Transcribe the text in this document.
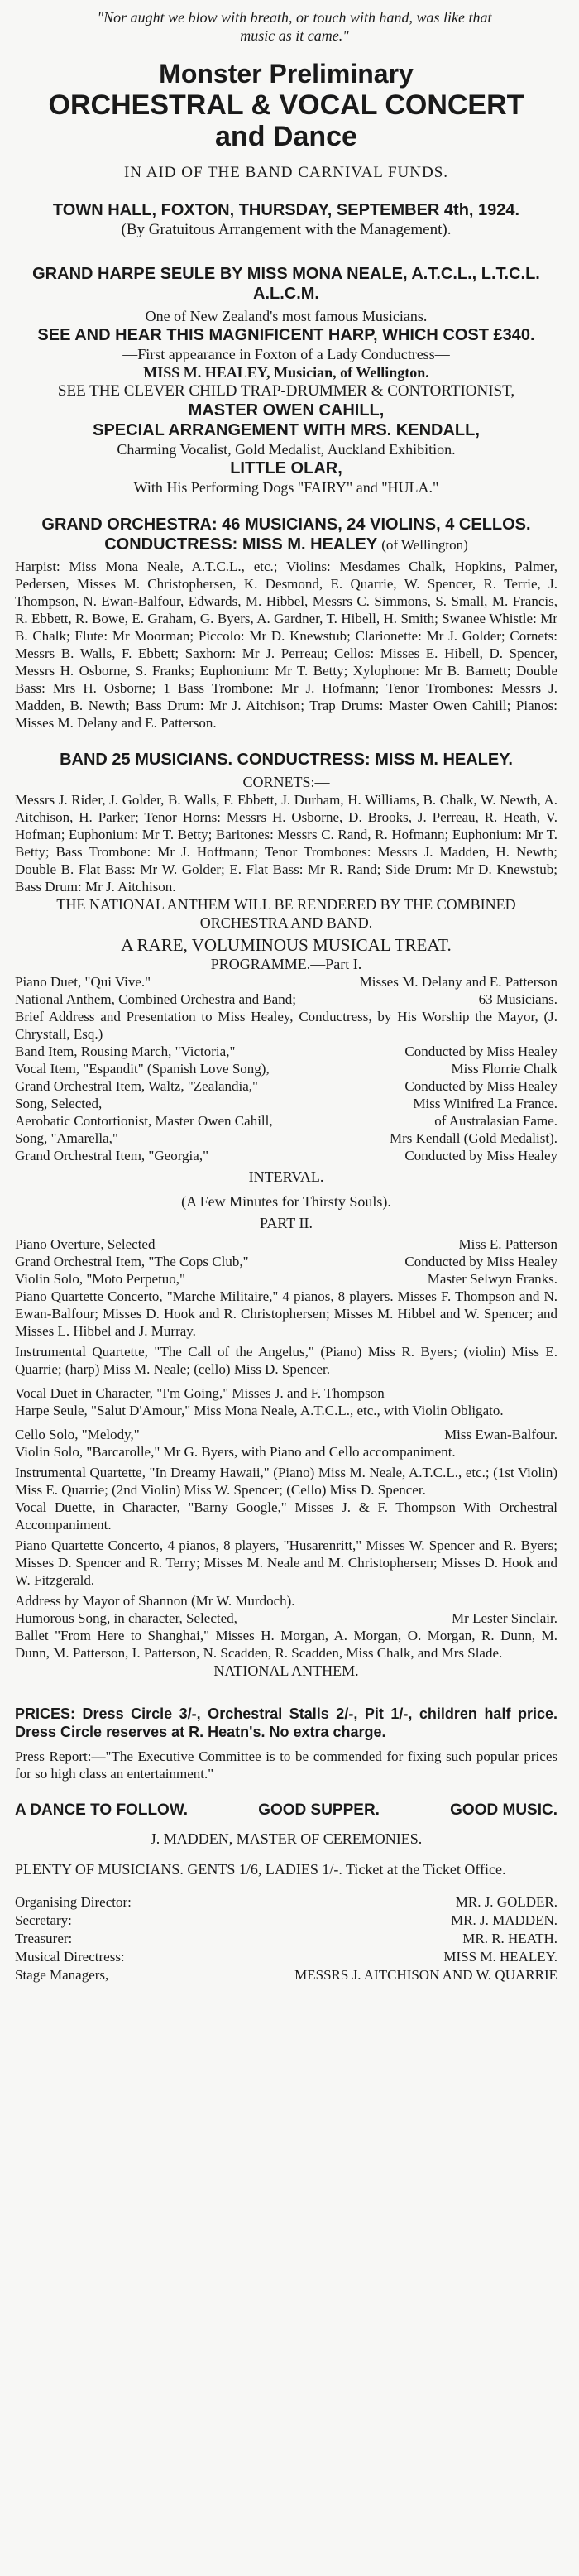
"Nor aught we blow with breath, or touch with hand, was like that music as it came."
Monster Preliminary
ORCHESTRAL & VOCAL CONCERT
and Dance
IN AID OF THE BAND CARNIVAL FUNDS.
TOWN HALL, FOXTON, THURSDAY, SEPTEMBER 4th, 1924.
(By Gratuitous Arrangement with the Management).
GRAND HARPE SEULE BY MISS MONA NEALE, A.T.C.L., L.T.C.L. A.L.C.M.
One of New Zealand's most famous Musicians.
SEE AND HEAR THIS MAGNIFICENT HARP, WHICH COST £340.
—First appearance in Foxton of a Lady Conductress—
MISS M. HEALEY, Musician, of Wellington.
SEE THE CLEVER CHILD TRAP-DRUMMER & CONTORTIONIST,
MASTER OWEN CAHILL,
SPECIAL ARRANGEMENT WITH MRS. KENDALL,
Charming Vocalist, Gold Medalist, Auckland Exhibition.
LITTLE OLAR,
With His Performing Dogs "FAIRY" and "HULA."
GRAND ORCHESTRA: 46 MUSICIANS, 24 VIOLINS, 4 CELLOS.
CONDUCTRESS: MISS M. HEALEY (of Wellington)
Harpist: Miss Mona Neale, A.T.C.L., etc.; Violins: Mesdames Chalk, Hopkins, Palmer, Pedersen, Misses M. Christophersen, K. Desmond, E. Quarrie, W. Spencer, R. Terrie, J. Thompson, N. Ewan-Balfour, Edwards, M. Hibbel, Messrs C. Simmons, S. Small, M. Francis, R. Ebbett, R. Bowe, E. Graham, G. Byers, A. Gardner, T. Hibell, H. Smith; Swanee Whistle: Mr B. Chalk; Flute: Mr Moorman; Piccolo: Mr D. Knewstub; Clarionette: Mr J. Golder; Cornets: Messrs B. Walls, F. Ebbett; Saxhorn: Mr J. Perreau; Cellos: Misses E. Hibell, D. Spencer, Messrs H. Osborne, S. Franks; Euphonium: Mr T. Betty; Xylophone: Mr B. Barnett; Double Bass: Mrs H. Osborne; 1 Bass Trombone: Mr J. Hofmann; Tenor Trombones: Messrs J. Madden, B. Newth; Bass Drum: Mr J. Aitchison; Trap Drums: Master Owen Cahill; Pianos: Misses M. Delany and E. Patterson.
BAND 25 MUSICIANS. CONDUCTRESS: MISS M. HEALEY.
CORNETS:—
Messrs J. Rider, J. Golder, B. Walls, F. Ebbett, J. Durham, H. Williams, B. Chalk, W. Newth, A. Aitchison, H. Parker; Tenor Horns: Messrs H. Osborne, D. Brooks, J. Perreau, R. Heath, V. Hofman; Euphonium: Mr T. Betty; Baritones: Messrs C. Rand, R. Hofmann; Euphonium: Mr T. Betty; Bass Trombone: Mr J. Hoffmann; Tenor Trombones: Messrs J. Madden, H. Newth; Double B. Flat Bass: Mr W. Golder; E. Flat Bass: Mr R. Rand; Side Drum: Mr D. Knewstub; Bass Drum: Mr J. Aitchison.
THE NATIONAL ANTHEM WILL BE RENDERED BY THE COMBINED ORCHESTRA AND BAND.
A RARE, VOLUMINOUS MUSICAL TREAT.
PROGRAMME.—Part I.
Piano Duet, "Qui Vive."	Misses M. Delany and E. Patterson
National Anthem, Combined Orchestra and Band;	63 Musicians.
Brief Address and Presentation to Miss Healey, Conductress, by His Worship the Mayor, (J. Chrystall, Esq.)
Band Item, Rousing March, "Victoria,"	Conducted by Miss Healey
Vocal Item, "Espandit" (Spanish Love Song),	Miss Florrie Chalk
Grand Orchestral Item, Waltz, "Zealandia,"	Conducted by Miss Healey
Song, Selected,	Miss Winifred La France.
Aerobatic Contortionist, Master Owen Cahill,	of Australasian Fame.
Song, "Amarella,"	Mrs Kendall (Gold Medalist).
Grand Orchestral Item, "Georgia,"	Conducted by Miss Healey
INTERVAL.
(A Few Minutes for Thirsty Souls).
PART II.
Piano Overture, Selected	Miss E. Patterson
Grand Orchestral Item, "The Cops Club,"	Conducted by Miss Healey
Violin Solo, "Moto Perpetuo,"	Master Selwyn Franks.
Piano Quartette Concerto, "Marche Militaire," 4 pianos, 8 players. Misses F. Thompson and N. Ewan-Balfour; Misses D. Hook and R. Christophersen; Misses M. Hibbel and W. Spencer; and Misses L. Hibbel and J. Murray.
Instrumental Quartette, "The Call of the Angelus," (Piano) Miss R. Byers; (violin) Miss E. Quarrie; (harp) Miss M. Neale; (cello) Miss D. Spencer.
Vocal Duet in Character, "I'm Going," Misses J. and F. Thompson
Harpe Seule, "Salut D'Amour," Miss Mona Neale, A.T.C.L., etc., with Violin Obligato.
Cello Solo, "Melody,"	Miss Ewan-Balfour.
Violin Solo, "Barcarolle," Mr G. Byers, with Piano and Cello accompaniment.
Instrumental Quartette, "In Dreamy Hawaii," (Piano) Miss M. Neale, A.T.C.L., etc.; (1st Violin) Miss E. Quarrie; (2nd Violin) Miss W. Spencer; (Cello) Miss D. Spencer.
Vocal Duette, in Character, "Barny Google," Misses J. & F. Thompson With Orchestral Accompaniment.
Piano Quartette Concerto, 4 pianos, 8 players, "Husarenritt," Misses W. Spencer and R. Byers; Misses D. Spencer and R. Terry; Misses M. Neale and M. Christophersen; Misses D. Hook and W. Fitzgerald.
Address by Mayor of Shannon (Mr W. Murdoch).
Humorous Song, in character, Selected,	Mr Lester Sinclair.
Ballet "From Here to Shanghai," Misses H. Morgan, A. Morgan, O. Morgan, R. Dunn, M. Dunn, M. Patterson, I. Patterson, N. Scadden, R. Scadden, Miss Chalk, and Mrs Slade.
NATIONAL ANTHEM.
PRICES: Dress Circle 3/-, Orchestral Stalls 2/-, Pit 1/-, children half price. Dress Circle reserves at R. Heatn's. No extra charge.
Press Report:—"The Executive Committee is to be commended for fixing such popular prices for so high class an entertainment."
A DANCE TO FOLLOW.	GOOD SUPPER.	GOOD MUSIC.
J. MADDEN, MASTER OF CEREMONIES.
PLENTY OF MUSICIANS. GENTS 1/6, LADIES 1/-. Ticket at the Ticket Office.
Organising Director:	MR. J. GOLDER.
Secretary:	MR. J. MADDEN.
Treasurer:	MR. R. HEATH.
Musical Directress:	MISS M. HEALEY.
Stage Managers,	MESSRS J. AITCHISON AND W. QUARRIE
